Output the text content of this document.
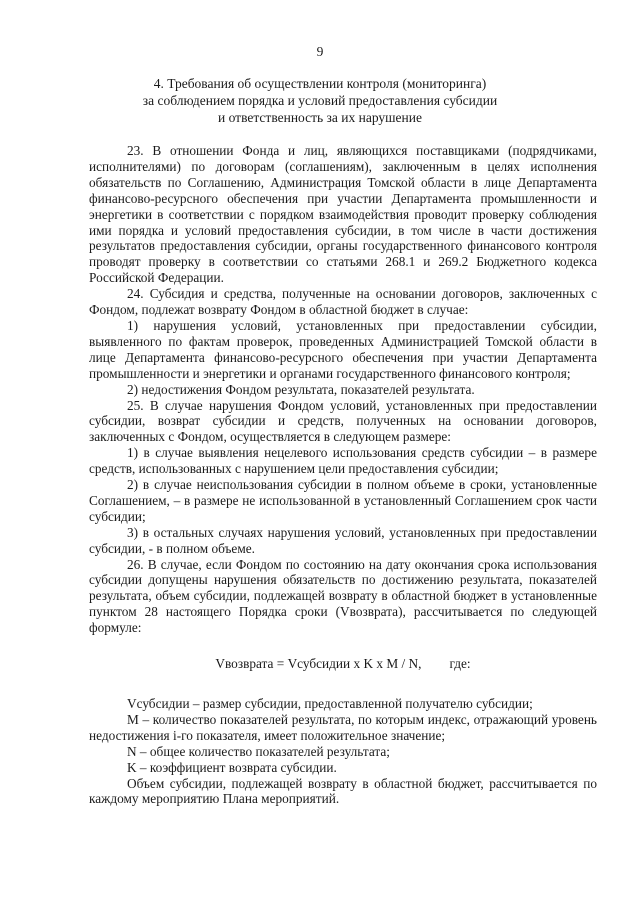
9
4. Требования об осуществлении контроля (мониторинга)
за соблюдением порядка и условий предоставления субсидии
и ответственность за их нарушение

23. В отношении Фонда и лиц, являющихся поставщиками (подрядчиками, исполнителями) по договорам (соглашениям), заключенным в целях исполнения обязательств по Соглашению, Администрация Томской области в лице Департамента финансово-ресурсного обеспечения при участии Департамента промышленности и энергетики в соответствии с порядком взаимодействия проводит проверку соблюдения ими порядка и условий предоставления субсидии, в том числе в части достижения результатов предоставления субсидии, органы государственного финансового контроля проводят проверку в соответствии со статьями 268.1 и 269.2 Бюджетного кодекса Российской Федерации.

24. Субсидия и средства, полученные на основании договоров, заключенных с Фондом, подлежат возврату Фондом в областной бюджет в случае:

1) нарушения условий, установленных при предоставлении субсидии, выявленного по фактам проверок, проведенных Администрацией Томской области в лице Департамента финансово-ресурсного обеспечения при участии Департамента промышленности и энергетики и органами государственного финансового контроля;

2) недостижения Фондом результата, показателей результата.

25. В случае нарушения Фондом условий, установленных при предоставлении субсидии, возврат субсидии и средств, полученных на основании договоров, заключенных с Фондом, осуществляется в следующем размере:

1) в случае выявления нецелевого использования средств субсидии – в размере средств, использованных с нарушением цели предоставления субсидии;

2) в случае неиспользования субсидии в полном объеме в сроки, установленные Соглашением, – в размере не использованной в установленный Соглашением срок части субсидии;

3) в остальных случаях нарушения условий, установленных при предоставлении субсидии, - в полном объеме.

26. В случае, если Фондом по состоянию на дату окончания срока использования субсидии допущены нарушения обязательств по достижению результата, показателей результата, объем субсидии, подлежащей возврату в областной бюджет в установленные пунктом 28 настоящего Порядка сроки (Vвозврата), рассчитывается по следующей формуле:

Vвозврата = Vсубсидии x K x M / N, где:

Vсубсидии – размер субсидии, предоставленной получателю субсидии;

M – количество показателей результата, по которым индекс, отражающий уровень недостижения i-го показателя, имеет положительное значение;

N – общее количество показателей результата;

K – коэффициент возврата субсидии.

Объем субсидии, подлежащей возврату в областной бюджет, рассчитывается по каждому мероприятию Плана мероприятий.
